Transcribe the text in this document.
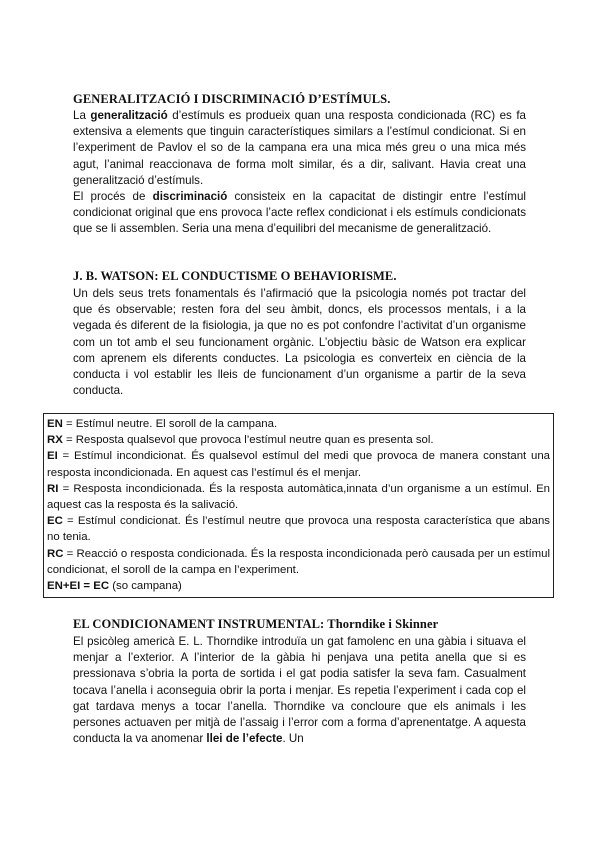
GENERALITZACIÓ I DISCRIMINACIÓ D’ESTÍMULS.

La generalització d’estímuls es produeix quan una resposta condicionada (RC) es fa extensiva a elements que tinguin característiques similars a l’estímul condicionat. Si en l’experiment de Pavlov el so de la campana era una mica més greu o una mica més agut, l’animal reaccionava de forma molt similar, és a dir, salivant. Havia creat una generalització d’estímuls.

El procés de discriminació consisteix en la capacitat de distingir entre l’estímul condicionat original que ens provoca l’acte reflex condicionat i els estímuls condicionats que se li assemblen. Seria una mena d’equilibri del mecanisme de generalització.

J. B. WATSON: EL CONDUCTISME O BEHAVIORISME.

Un dels seus trets fonamentals és l’afirmació que la psicologia només pot tractar del que és observable; resten fora del seu àmbit, doncs, els processos mentals, i a la vegada és diferent de la fisiologia, ja que no es pot confondre l’activitat d’un organisme com un tot amb el seu funcionament orgànic. L’objectiu bàsic de Watson era explicar com aprenem els diferents conductes. La psicologia es converteix en ciència de la conducta i vol establir les lleis de funcionament d’un organisme a partir de la seva conducta.

EN = Estímul neutre. El soroll de la campana.

RX = Resposta qualsevol que provoca l’estímul neutre quan es presenta sol.

EI = Estímul incondicionat. És qualsevol estímul del medi que provoca de manera constant una resposta incondicionada. En aquest cas l’estímul és el menjar.

RI = Resposta incondicionada. És la resposta automàtica,innata d’un organisme a un estímul. En aquest cas la resposta és la salivació.

EC = Estímul condicionat. És l’estímul neutre que provoca una resposta característica que abans no tenia.

RC = Reacció o resposta condicionada. És la resposta incondicionada però causada per un estímul condicionat, el soroll de la campa en l’experiment.

EN+EI = EC (so campana)

EL CONDICIONAMENT INSTRUMENTAL: Thorndike i Skinner

El psicòleg americà E. L. Thorndike introduïa un gat famolenc en una gàbia i situava el menjar a l’exterior. A l’interior de la gàbia hi penjava una petita anella que si es pressionava s’obria la porta de sortida i el gat podia satisfer la seva fam. Casualment tocava l’anella i aconseguia obrir la porta i menjar. Es repetia l’experiment i cada cop el gat tardava menys a tocar l’anella. Thorndike va concloure que els animals i les persones actuaven per mitjà de l’assaig i l’error com a forma d’aprenentatge. A aquesta conducta la va anomenar llei de l’efecte. Un
